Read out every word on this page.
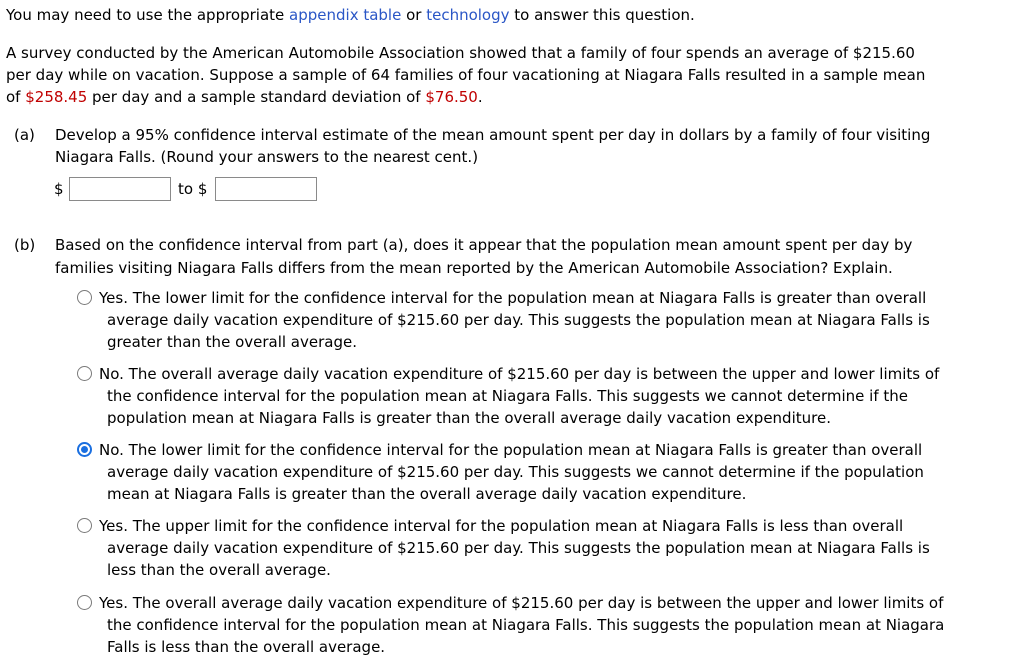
You may need to use the appropriate appendix table or technology to answer this question.
A survey conducted by the American Automobile Association showed that a family of four spends an average of $215.60
per day while on vacation. Suppose a sample of 64 families of four vacationing at Niagara Falls resulted in a sample mean
of $258.45 per day and a sample standard deviation of $76.50.
(a) Develop a 95% confidence interval estimate of the mean amount spent per day in dollars by a family of four visiting
Niagara Falls. (Round your answers to the nearest cent.)
$	to $
(b) Based on the confidence interval from part (a), does it appear that the population mean amount spent per day by
families visiting Niagara Falls differs from the mean reported by the American Automobile Association? Explain.
Yes. The lower limit for the confidence interval for the population mean at Niagara Falls is greater than overall
average daily vacation expenditure of $215.60 per day. This suggests the population mean at Niagara Falls is
greater than the overall average.
No. The overall average daily vacation expenditure of $215.60 per day is between the upper and lower limits of
the confidence interval for the population mean at Niagara Falls. This suggests we cannot determine if the
population mean at Niagara Falls is greater than the overall average daily vacation expenditure.
No. The lower limit for the confidence interval for the population mean at Niagara Falls is greater than overall
average daily vacation expenditure of $215.60 per day. This suggests we cannot determine if the population
mean at Niagara Falls is greater than the overall average daily vacation expenditure.
Yes. The upper limit for the confidence interval for the population mean at Niagara Falls is less than overall
average daily vacation expenditure of $215.60 per day. This suggests the population mean at Niagara Falls is
less than the overall average.
Yes. The overall average daily vacation expenditure of $215.60 per day is between the upper and lower limits of
the confidence interval for the population mean at Niagara Falls. This suggests the population mean at Niagara
Falls is less than the overall average.
